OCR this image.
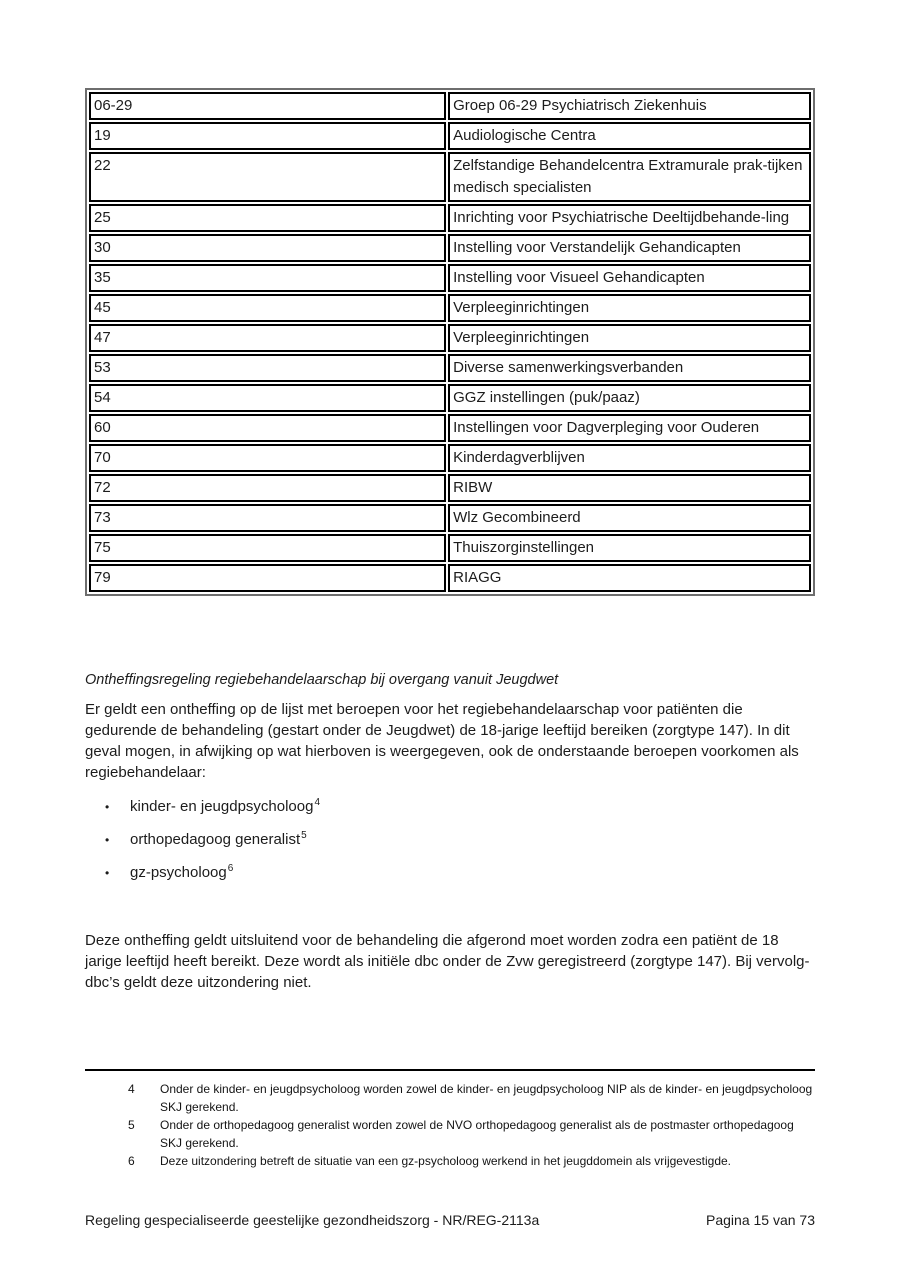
06-29	Groep 06-29 Psychiatrisch Ziekenhuis
19	Audiologische Centra
22	Zelfstandige Behandelcentra Extramurale prak-tijken medisch specialisten
25	Inrichting voor Psychiatrische Deeltijdbehande-ling
30	Instelling voor Verstandelijk Gehandicapten
35	Instelling voor Visueel Gehandicapten
45	Verpleeginrichtingen
47	Verpleeginrichtingen
53	Diverse samenwerkingsverbanden
54	GGZ instellingen (puk/paaz)
60	Instellingen voor Dagverpleging voor Ouderen
70	Kinderdagverblijven
72	RIBW
73	Wlz Gecombineerd
75	Thuiszorginstellingen
79	RIAGG
Ontheffingsregeling regiebehandelaarschap bij overgang vanuit Jeugdwet
Er geldt een ontheffing op de lijst met beroepen voor het regiebehandelaarschap voor patiënten die gedurende de behandeling (gestart onder de Jeugdwet) de 18-jarige leeftijd bereiken (zorgtype 147). In dit geval mogen, in afwijking op wat hierboven is weergegeven, ook de onderstaande beroepen voorkomen als regiebehandelaar:
•	kinder- en jeugdpsycholoog$^4$
•	orthopedagoog generalist$^5$
•	gz-psycholoog$^6$
Deze ontheffing geldt uitsluitend voor de behandeling die afgerond moet worden zodra een patiënt de 18 jarige leeftijd heeft bereikt. Deze wordt als initiële dbc onder de Zvw geregistreerd (zorgtype 147). Bij vervolg-dbc’s geldt deze uitzondering niet.
4	Onder de kinder- en jeugdpsycholoog worden zowel de kinder- en jeugdpsycholoog NIP als de kinder- en jeugdpsycholoog SKJ gerekend.
5	Onder de orthopedagoog generalist worden zowel de NVO orthopedagoog generalist als de postmaster orthopedagoog SKJ gerekend.
6	Deze uitzondering betreft de situatie van een gz-psycholoog werkend in het jeugddomein als vrijgevestigde.
Regeling gespecialiseerde geestelijke gezondheidszorg - NR/REG-2113a	Pagina 15 van 73
